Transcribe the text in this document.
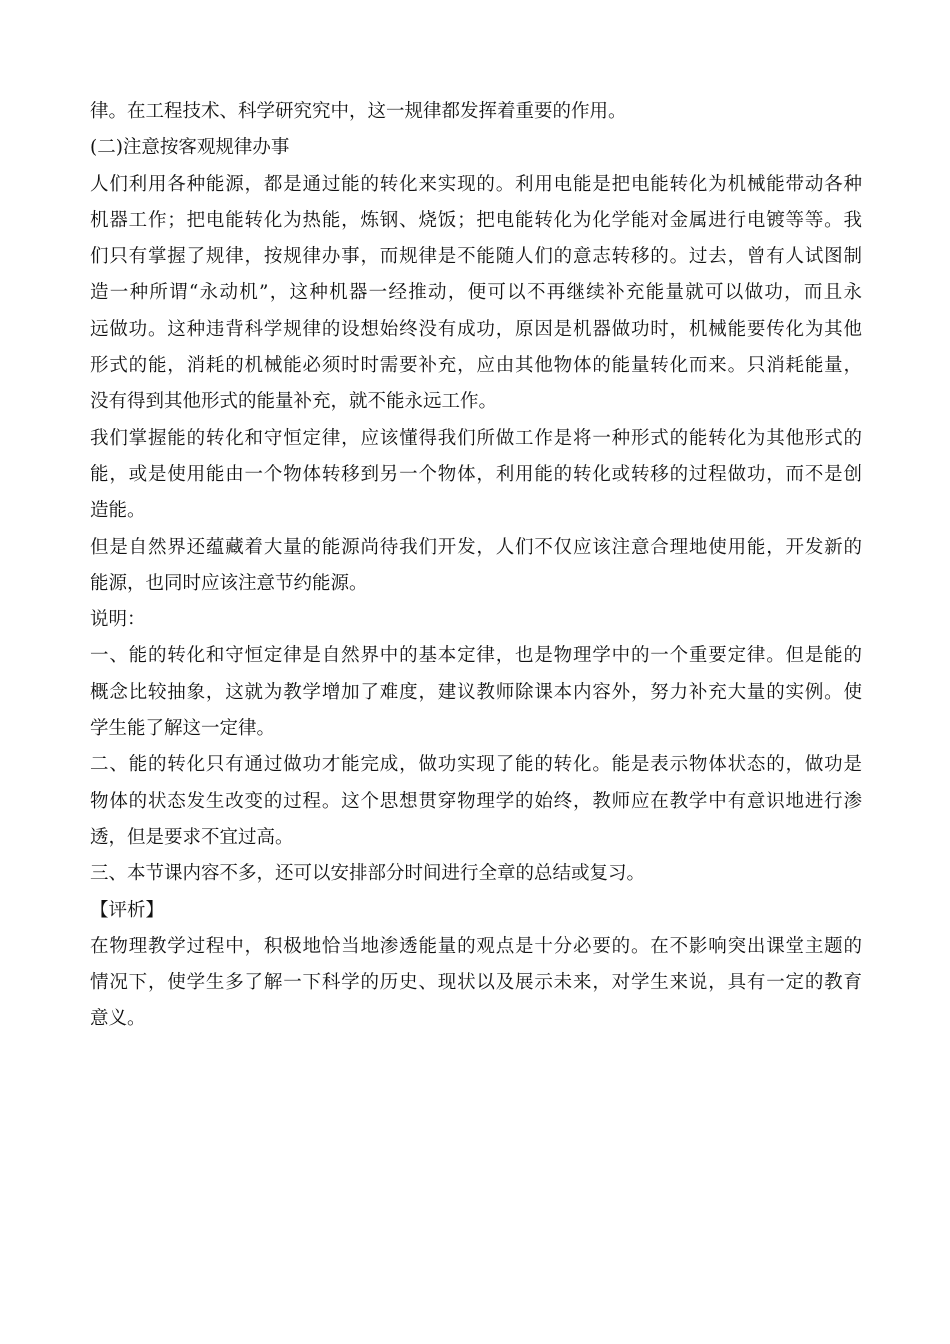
律。在工程技术、科学研究究中，这一规律都发挥着重要的作用。
(二)注意按客观规律办事
人们利用各种能源，都是通过能的转化来实现的。利用电能是把电能转化为机械能带动各种
机器工作；把电能转化为热能，炼钢、烧饭；把电能转化为化学能对金属进行电镀等等。我
们只有掌握了规律，按规律办事，而规律是不能随人们的意志转移的。过去，曾有人试图制
造一种所谓“永动机”，这种机器一经推动，便可以不再继续补充能量就可以做功，而且永
远做功。这种违背科学规律的设想始终没有成功，原因是机器做功时，机械能要传化为其他
形式的能，消耗的机械能必须时时需要补充，应由其他物体的能量转化而来。只消耗能量，
没有得到其他形式的能量补充，就不能永远工作。
我们掌握能的转化和守恒定律，应该懂得我们所做工作是将一种形式的能转化为其他形式的
能，或是使用能由一个物体转移到另一个物体，利用能的转化或转移的过程做功，而不是创
造能。
但是自然界还蕴藏着大量的能源尚待我们开发，人们不仅应该注意合理地使用能，开发新的
能源，也同时应该注意节约能源。
说明：
一、能的转化和守恒定律是自然界中的基本定律，也是物理学中的一个重要定律。但是能的
概念比较抽象，这就为教学增加了难度，建议教师除课本内容外，努力补充大量的实例。使
学生能了解这一定律。
二、能的转化只有通过做功才能完成，做功实现了能的转化。能是表示物体状态的，做功是
物体的状态发生改变的过程。这个思想贯穿物理学的始终，教师应在教学中有意识地进行渗
透，但是要求不宜过高。
三、本节课内容不多，还可以安排部分时间进行全章的总结或复习。
【评析】
在物理教学过程中，积极地恰当地渗透能量的观点是十分必要的。在不影响突出课堂主题的
情况下，使学生多了解一下科学的历史、现状以及展示未来，对学生来说，具有一定的教育
意义。
